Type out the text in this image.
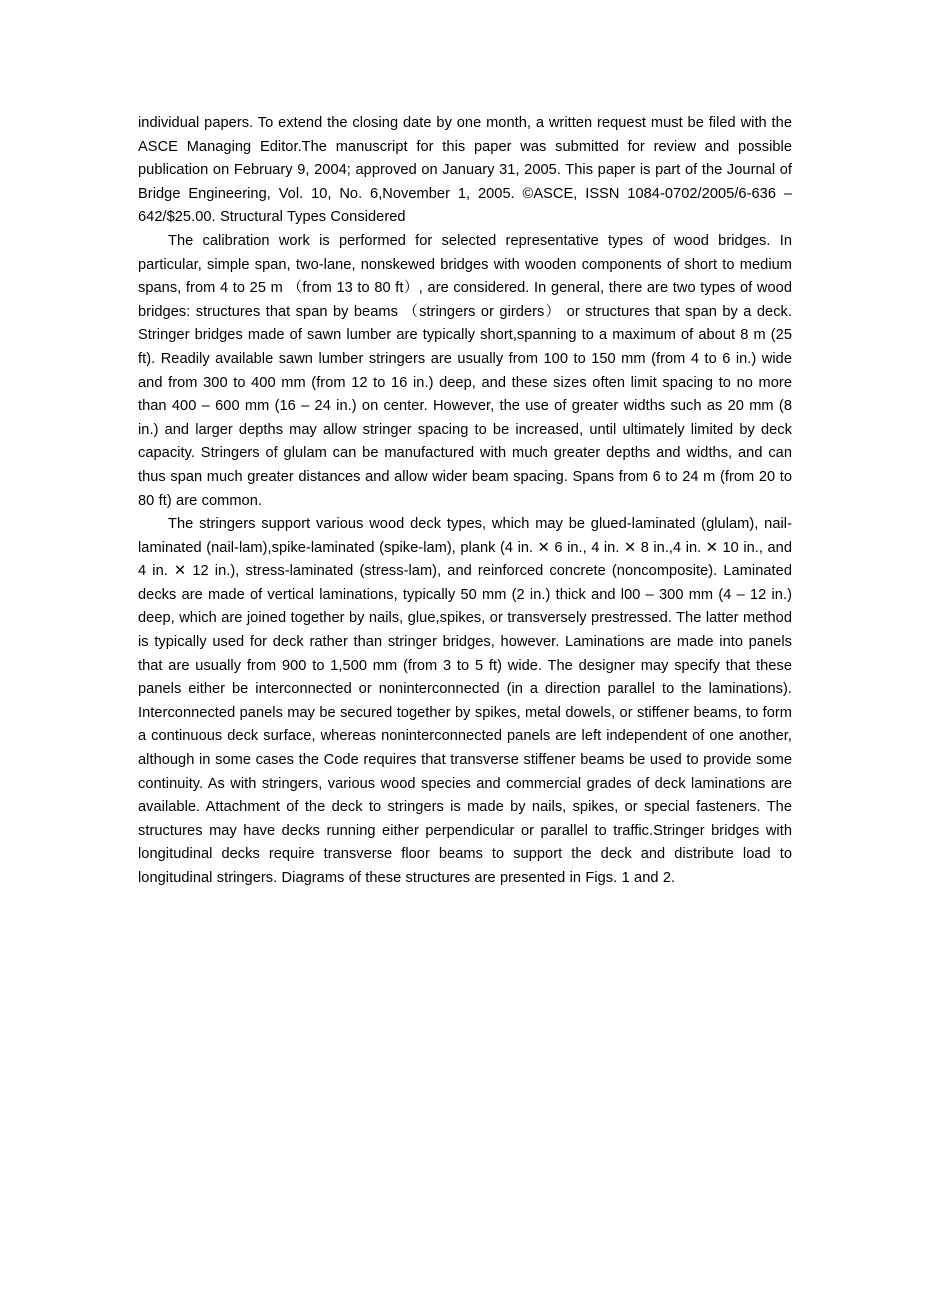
individual papers. To extend the closing date by one month, a written request must be filed with the ASCE Managing Editor.The manuscript for this paper was submitted for review and possible publication on February 9, 2004; approved on January 31, 2005. This paper is part of the Journal of Bridge Engineering, Vol. 10, No. 6,November 1, 2005. ©ASCE, ISSN 1084-0702/2005/6-636 – 642/$25.00. Structural Types Considered

The calibration work is performed for selected representative types of wood bridges. In particular, simple span, two-lane, nonskewed bridges with wooden components of short to medium spans, from 4 to 25 m （from 13 to 80 ft）, are considered. In general, there are two types of wood bridges: structures that span by beams （stringers or girders） or structures that span by a deck. Stringer bridges made of sawn lumber are typically short,spanning to a maximum of about 8 m (25 ft). Readily available sawn lumber stringers are usually from 100 to 150 mm (from 4 to 6 in.) wide and from 300 to 400 mm (from 12 to 16 in.) deep, and these sizes often limit spacing to no more than 400 – 600 mm (16 – 24 in.) on center. However, the use of greater widths such as 20 mm (8 in.) and larger depths may allow stringer spacing to be increased, until ultimately limited by deck capacity. Stringers of glulam can be manufactured with much greater depths and widths, and can thus span much greater distances and allow wider beam spacing. Spans from 6 to 24 m (from 20 to 80 ft) are common.

The stringers support various wood deck types, which may be glued-laminated (glulam), nail-laminated (nail-lam),spike-laminated (spike-lam), plank (4 in. ✕ 6 in., 4 in. ✕ 8 in.,4 in. ✕ 10 in., and 4 in. ✕ 12 in.), stress-laminated (stress-lam), and reinforced concrete (noncomposite). Laminated decks are made of vertical laminations, typically 50 mm (2 in.) thick and l00 – 300 mm (4 – 12 in.) deep, which are joined together by nails, glue,spikes, or transversely prestressed. The latter method is typically used for deck rather than stringer bridges, however. Laminations are made into panels that are usually from 900 to 1,500 mm (from 3 to 5 ft) wide. The designer may specify that these panels either be interconnected or noninterconnected (in a direction parallel to the laminations). Interconnected panels may be secured together by spikes, metal dowels, or stiffener beams, to form a continuous deck surface, whereas noninterconnected panels are left independent of one another, although in some cases the Code requires that transverse stiffener beams be used to provide some continuity. As with stringers, various wood species and commercial grades of deck laminations are available. Attachment of the deck to stringers is made by nails, spikes, or special fasteners. The structures may have decks running either perpendicular or parallel to traffic.Stringer bridges with longitudinal decks require transverse floor beams to support the deck and distribute load to longitudinal stringers. Diagrams of these structures are presented in Figs. 1 and 2.
